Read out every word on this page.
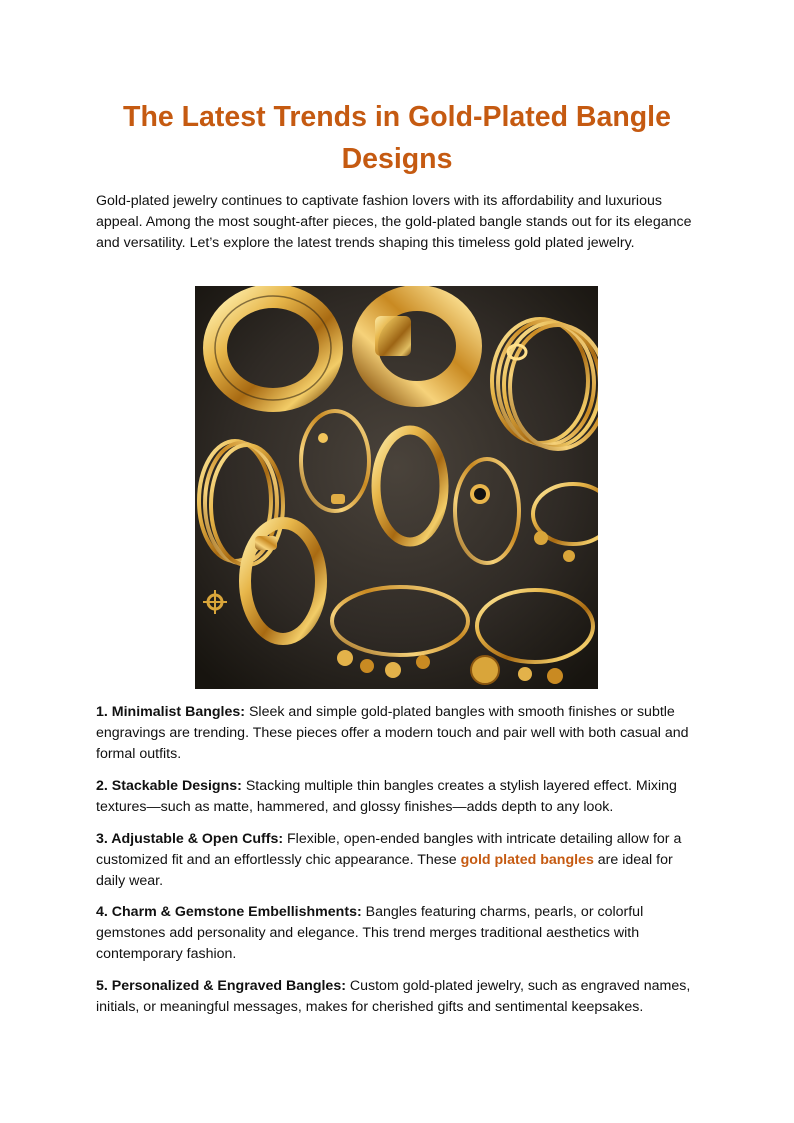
The Latest Trends in Gold-Plated Bangle Designs

Gold-plated jewelry continues to captivate fashion lovers with its affordability and luxurious appeal. Among the most sought-after pieces, the gold-plated bangle stands out for its elegance and versatility. Let’s explore the latest trends shaping this timeless gold plated jewelry.

1. Minimalist Bangles: Sleek and simple gold-plated bangles with smooth finishes or subtle engravings are trending. These pieces offer a modern touch and pair well with both casual and formal outfits.

2. Stackable Designs: Stacking multiple thin bangles creates a stylish layered effect. Mixing textures—such as matte, hammered, and glossy finishes—adds depth to any look.

3. Adjustable & Open Cuffs: Flexible, open-ended bangles with intricate detailing allow for a customized fit and an effortlessly chic appearance. These gold plated bangles are ideal for daily wear.

4. Charm & Gemstone Embellishments: Bangles featuring charms, pearls, or colorful gemstones add personality and elegance. This trend merges traditional aesthetics with contemporary fashion.

5. Personalized & Engraved Bangles: Custom gold-plated jewelry, such as engraved names, initials, or meaningful messages, makes for cherished gifts and sentimental keepsakes.
